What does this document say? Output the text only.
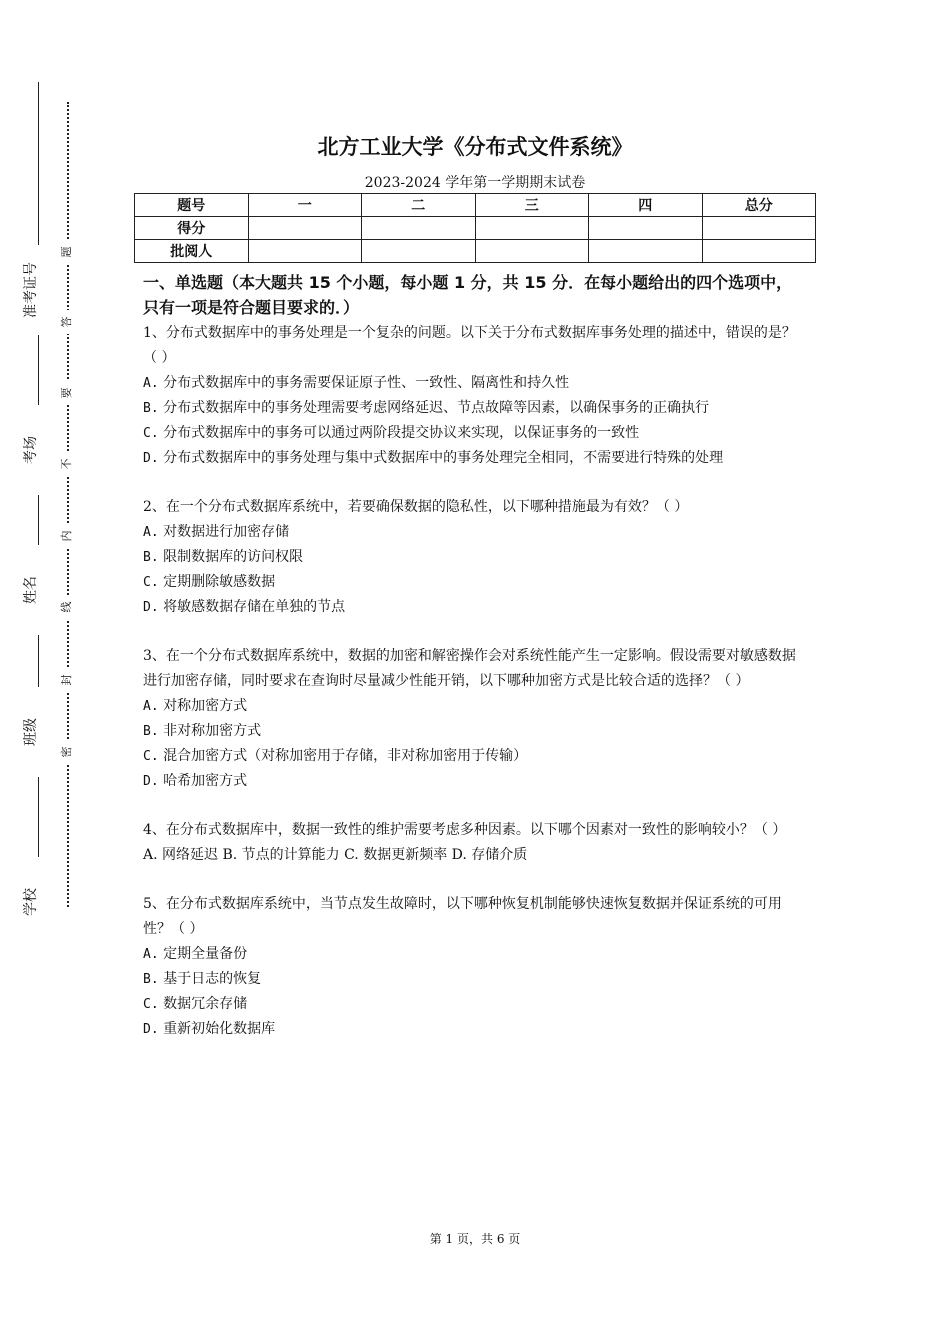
准考证号
考场
姓名
班级
学校
题
答
要
不
内
线
封
密
北方工业大学《分布式文件系统》
2023-2024 学年第一学期期末试卷
题号	一	二	三	四	总分
得分					
批阅人					

一、单选题（本大题共 15 个小题，每小题 1 分，共 15 分．在每小题给出的四个选项中，只有一项是符合题目要求的．）

1、分布式数据库中的事务处理是一个复杂的问题。以下关于分布式数据库事务处理的描述中，错误的是？（ ）

A. 分布式数据库中的事务需要保证原子性、一致性、隔离性和持久性

B. 分布式数据库中的事务处理需要考虑网络延迟、节点故障等因素，以确保事务的正确执行

C. 分布式数据库中的事务可以通过两阶段提交协议来实现，以保证事务的一致性

D. 分布式数据库中的事务处理与集中式数据库中的事务处理完全相同，不需要进行特殊的处理

2、在一个分布式数据库系统中，若要确保数据的隐私性，以下哪种措施最为有效？（ ）

A. 对数据进行加密存储

B. 限制数据库的访问权限

C. 定期删除敏感数据

D. 将敏感数据存储在单独的节点

3、在一个分布式数据库系统中，数据的加密和解密操作会对系统性能产生一定影响。假设需要对敏感数据进行加密存储，同时要求在查询时尽量减少性能开销，以下哪种加密方式是比较合适的选择？（ ）

A. 对称加密方式

B. 非对称加密方式

C. 混合加密方式（对称加密用于存储，非对称加密用于传输）

D. 哈希加密方式

4、在分布式数据库中，数据一致性的维护需要考虑多种因素。以下哪个因素对一致性的影响较小？（ ）

A. 网络延迟 B. 节点的计算能力 C. 数据更新频率 D. 存储介质

5、在分布式数据库系统中，当节点发生故障时，以下哪种恢复机制能够快速恢复数据并保证系统的可用性？（ ）

A. 定期全量备份

B. 基于日志的恢复

C. 数据冗余存储

D. 重新初始化数据库

第 1 页，共 6 页
